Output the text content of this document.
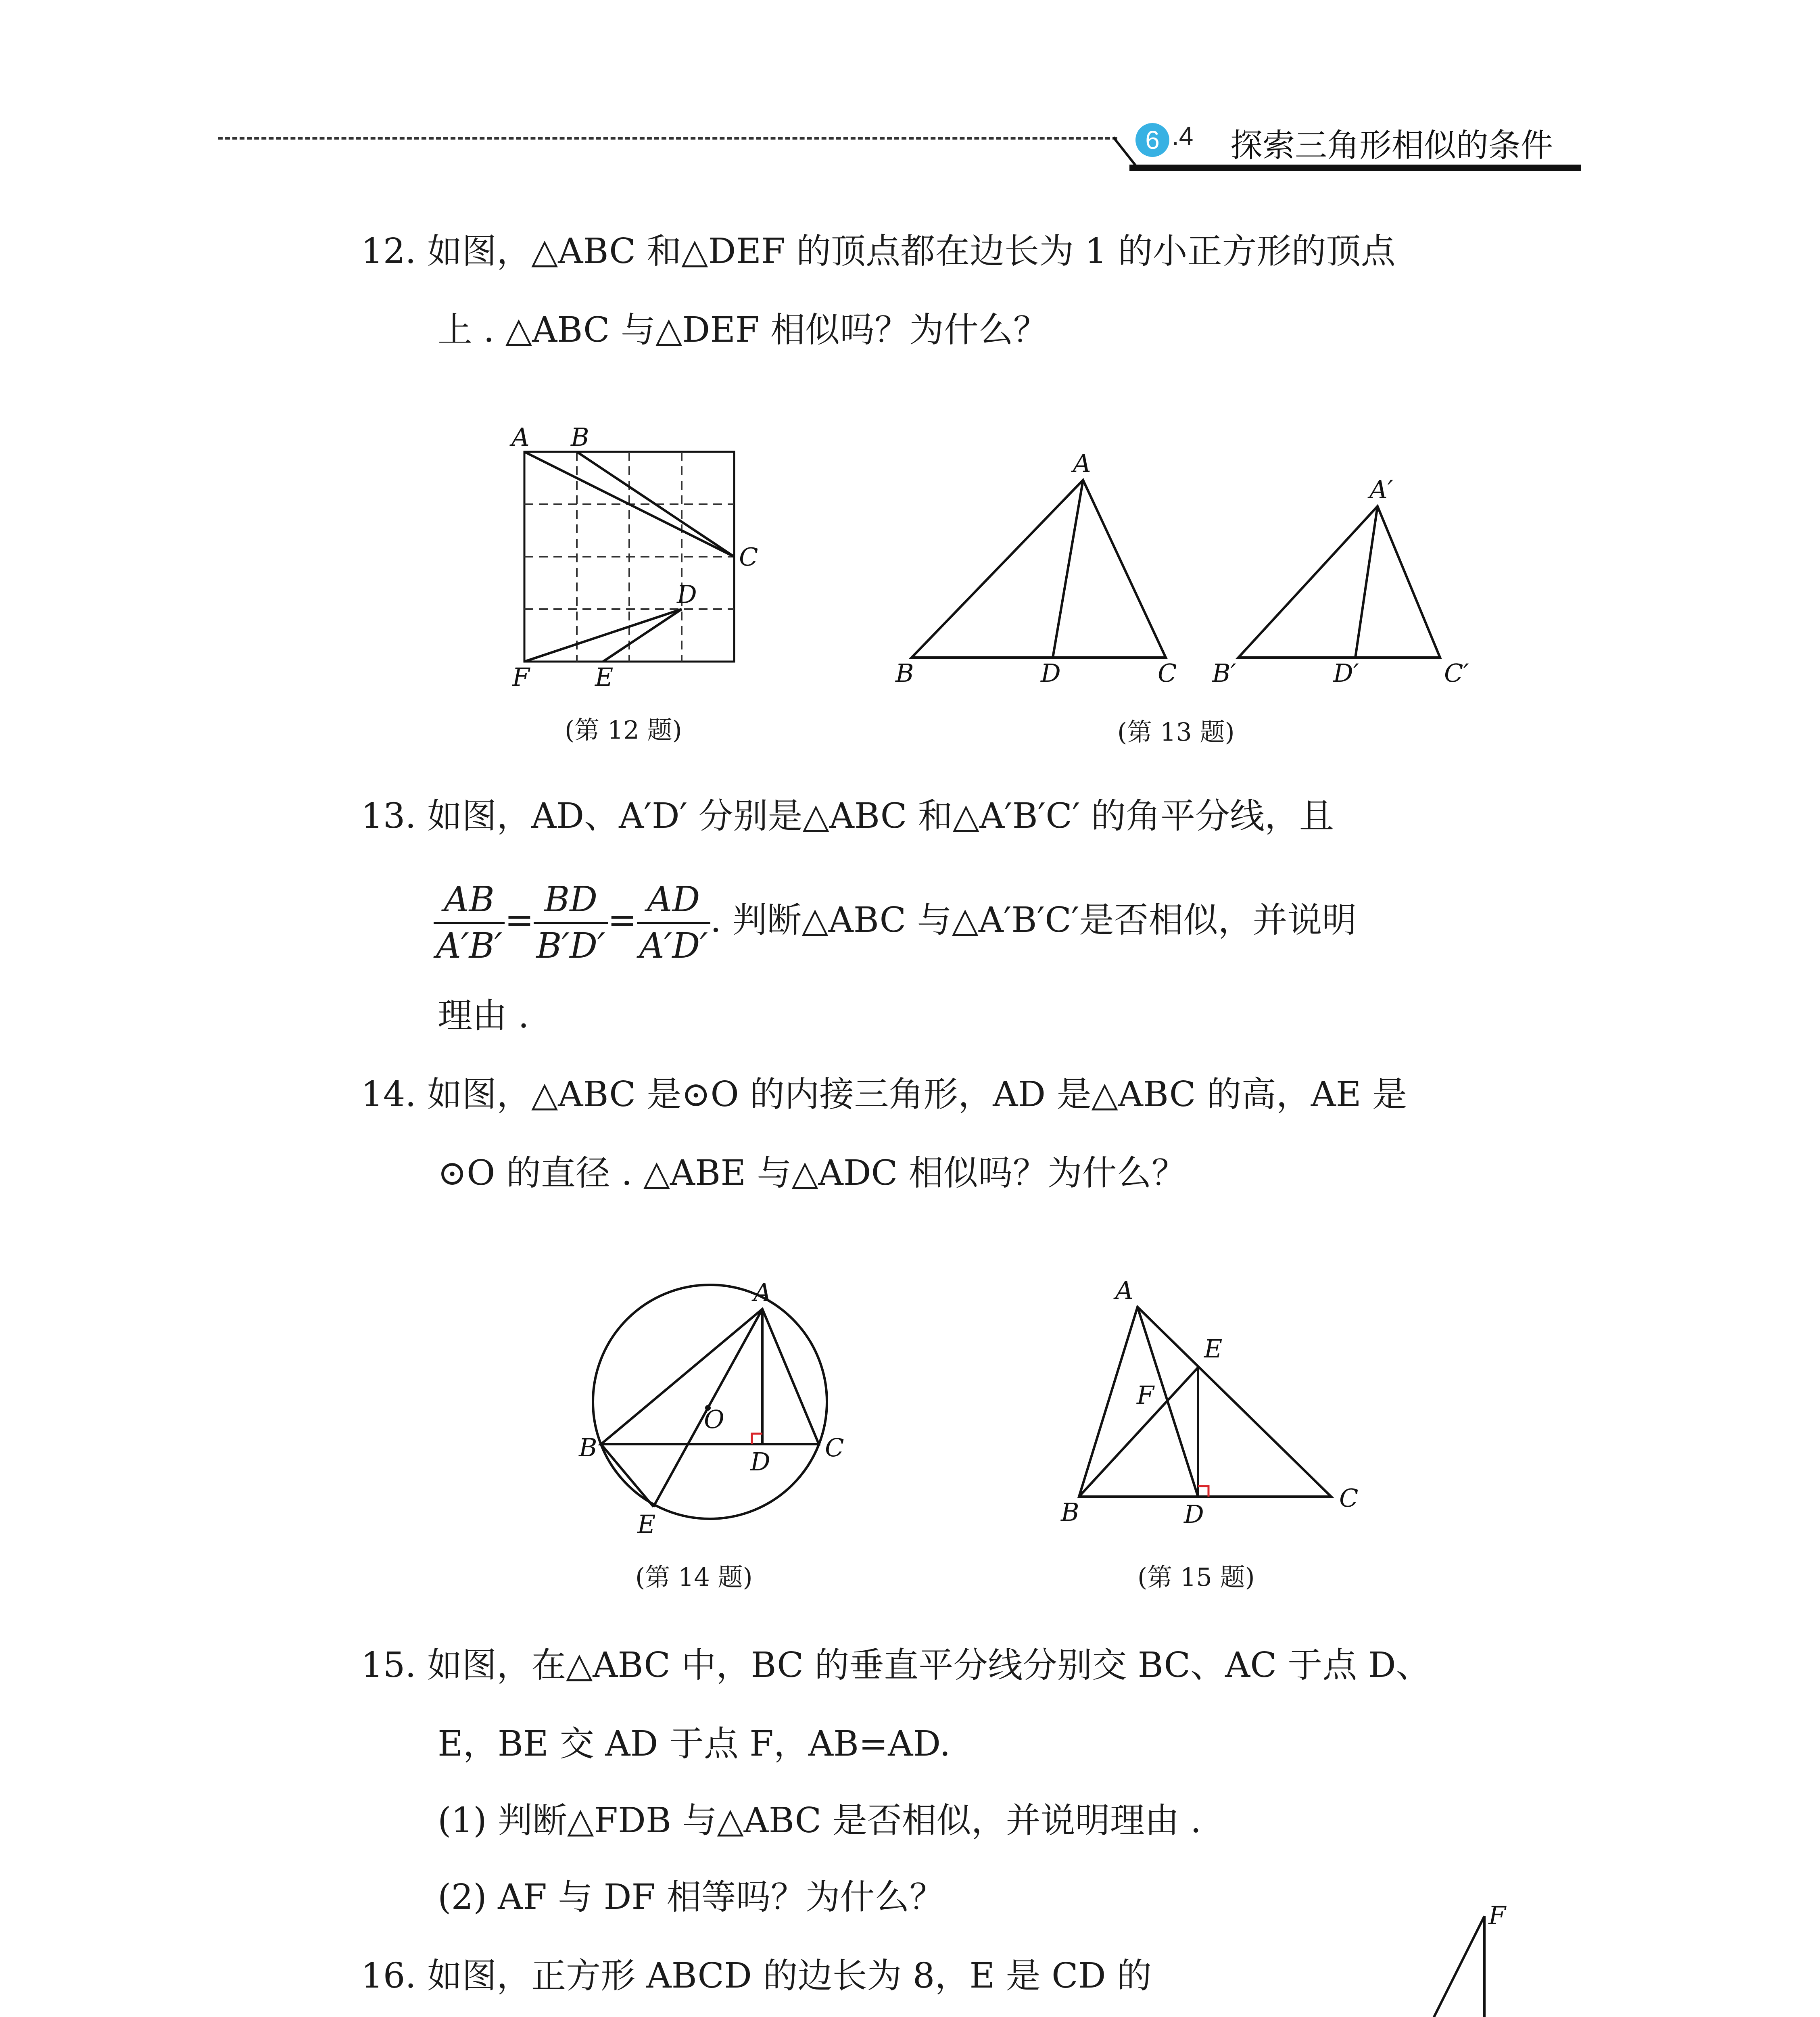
6 .4 探索三角形相似的条件
12. 如图，△ABC 和△DEF 的顶点都在边长为 1 的小正方形的顶点
上 . △ABC 与△DEF 相似吗？为什么？
A B
C
D
E
F
(第 12 题)
A
B	D	C
A′
B′	D′	C′
(第 13 题)
13. 如图，AD、A′D′ 分别是△ABC 和△A′B′C′ 的角平分线，且
$\frac{AB}{A'B'} = \frac{BD}{B'D'} = \frac{AD}{A'D'}$ . 判断△ABC 与△A′B′C′是否相似，并说明
理由 .
14. 如图，△ABC 是⊙O 的内接三角形，AD 是△ABC 的高，AE 是
⊙O 的直径 . △ABE 与△ADC 相似吗？为什么？
A
B	C
D
E
O
(第 14 题)
A
B	C
D
E
F
(第 15 题)
15. 如图，在△ABC 中，BC 的垂直平分线分别交 BC、AC 于点 D、
E，BE 交 AD 于点 F，AB=AD.
(1) 判断△FDB 与△ABC 是否相似，并说明理由 .
(2) AF 与 DF 相等吗？为什么？
16. 如图，正方形 ABCD 的边长为 8，E 是 CD 的
F
